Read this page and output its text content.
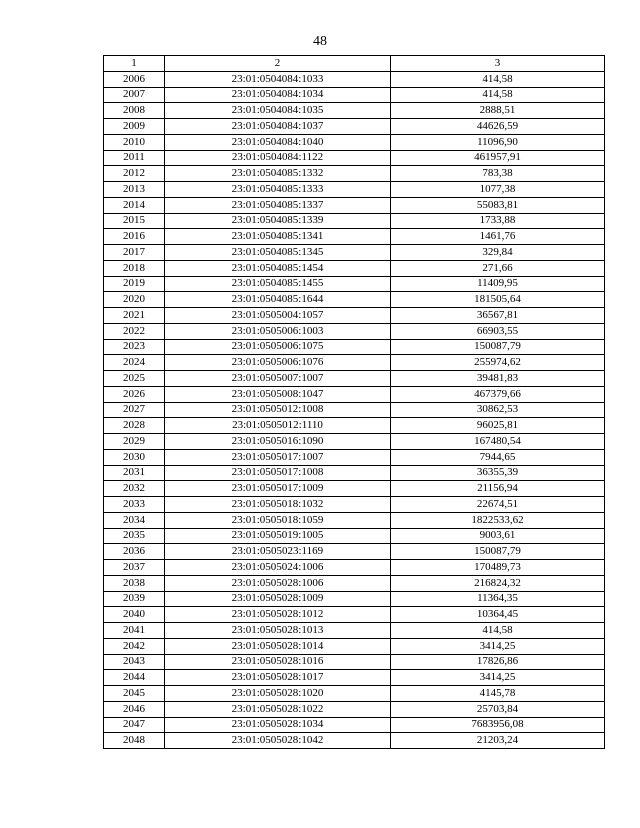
48
1	2	3
2006	23:01:0504084:1033	414,58
2007	23:01:0504084:1034	414,58
2008	23:01:0504084:1035	2888,51
2009	23:01:0504084:1037	44626,59
2010	23:01:0504084:1040	11096,90
2011	23:01:0504084:1122	461957,91
2012	23:01:0504085:1332	783,38
2013	23:01:0504085:1333	1077,38
2014	23:01:0504085:1337	55083,81
2015	23:01:0504085:1339	1733,88
2016	23:01:0504085:1341	1461,76
2017	23:01:0504085:1345	329,84
2018	23:01:0504085:1454	271,66
2019	23:01:0504085:1455	11409,95
2020	23:01:0504085:1644	181505,64
2021	23:01:0505004:1057	36567,81
2022	23:01:0505006:1003	66903,55
2023	23:01:0505006:1075	150087,79
2024	23:01:0505006:1076	255974,62
2025	23:01:0505007:1007	39481,83
2026	23:01:0505008:1047	467379,66
2027	23:01:0505012:1008	30862,53
2028	23:01:0505012:1110	96025,81
2029	23:01:0505016:1090	167480,54
2030	23:01:0505017:1007	7944,65
2031	23:01:0505017:1008	36355,39
2032	23:01:0505017:1009	21156,94
2033	23:01:0505018:1032	22674,51
2034	23:01:0505018:1059	1822533,62
2035	23:01:0505019:1005	9003,61
2036	23:01:0505023:1169	150087,79
2037	23:01:0505024:1006	170489,73
2038	23:01:0505028:1006	216824,32
2039	23:01:0505028:1009	11364,35
2040	23:01:0505028:1012	10364,45
2041	23:01:0505028:1013	414,58
2042	23:01:0505028:1014	3414,25
2043	23:01:0505028:1016	17826,86
2044	23:01:0505028:1017	3414,25
2045	23:01:0505028:1020	4145,78
2046	23:01:0505028:1022	25703,84
2047	23:01:0505028:1034	7683956,08
2048	23:01:0505028:1042	21203,24
